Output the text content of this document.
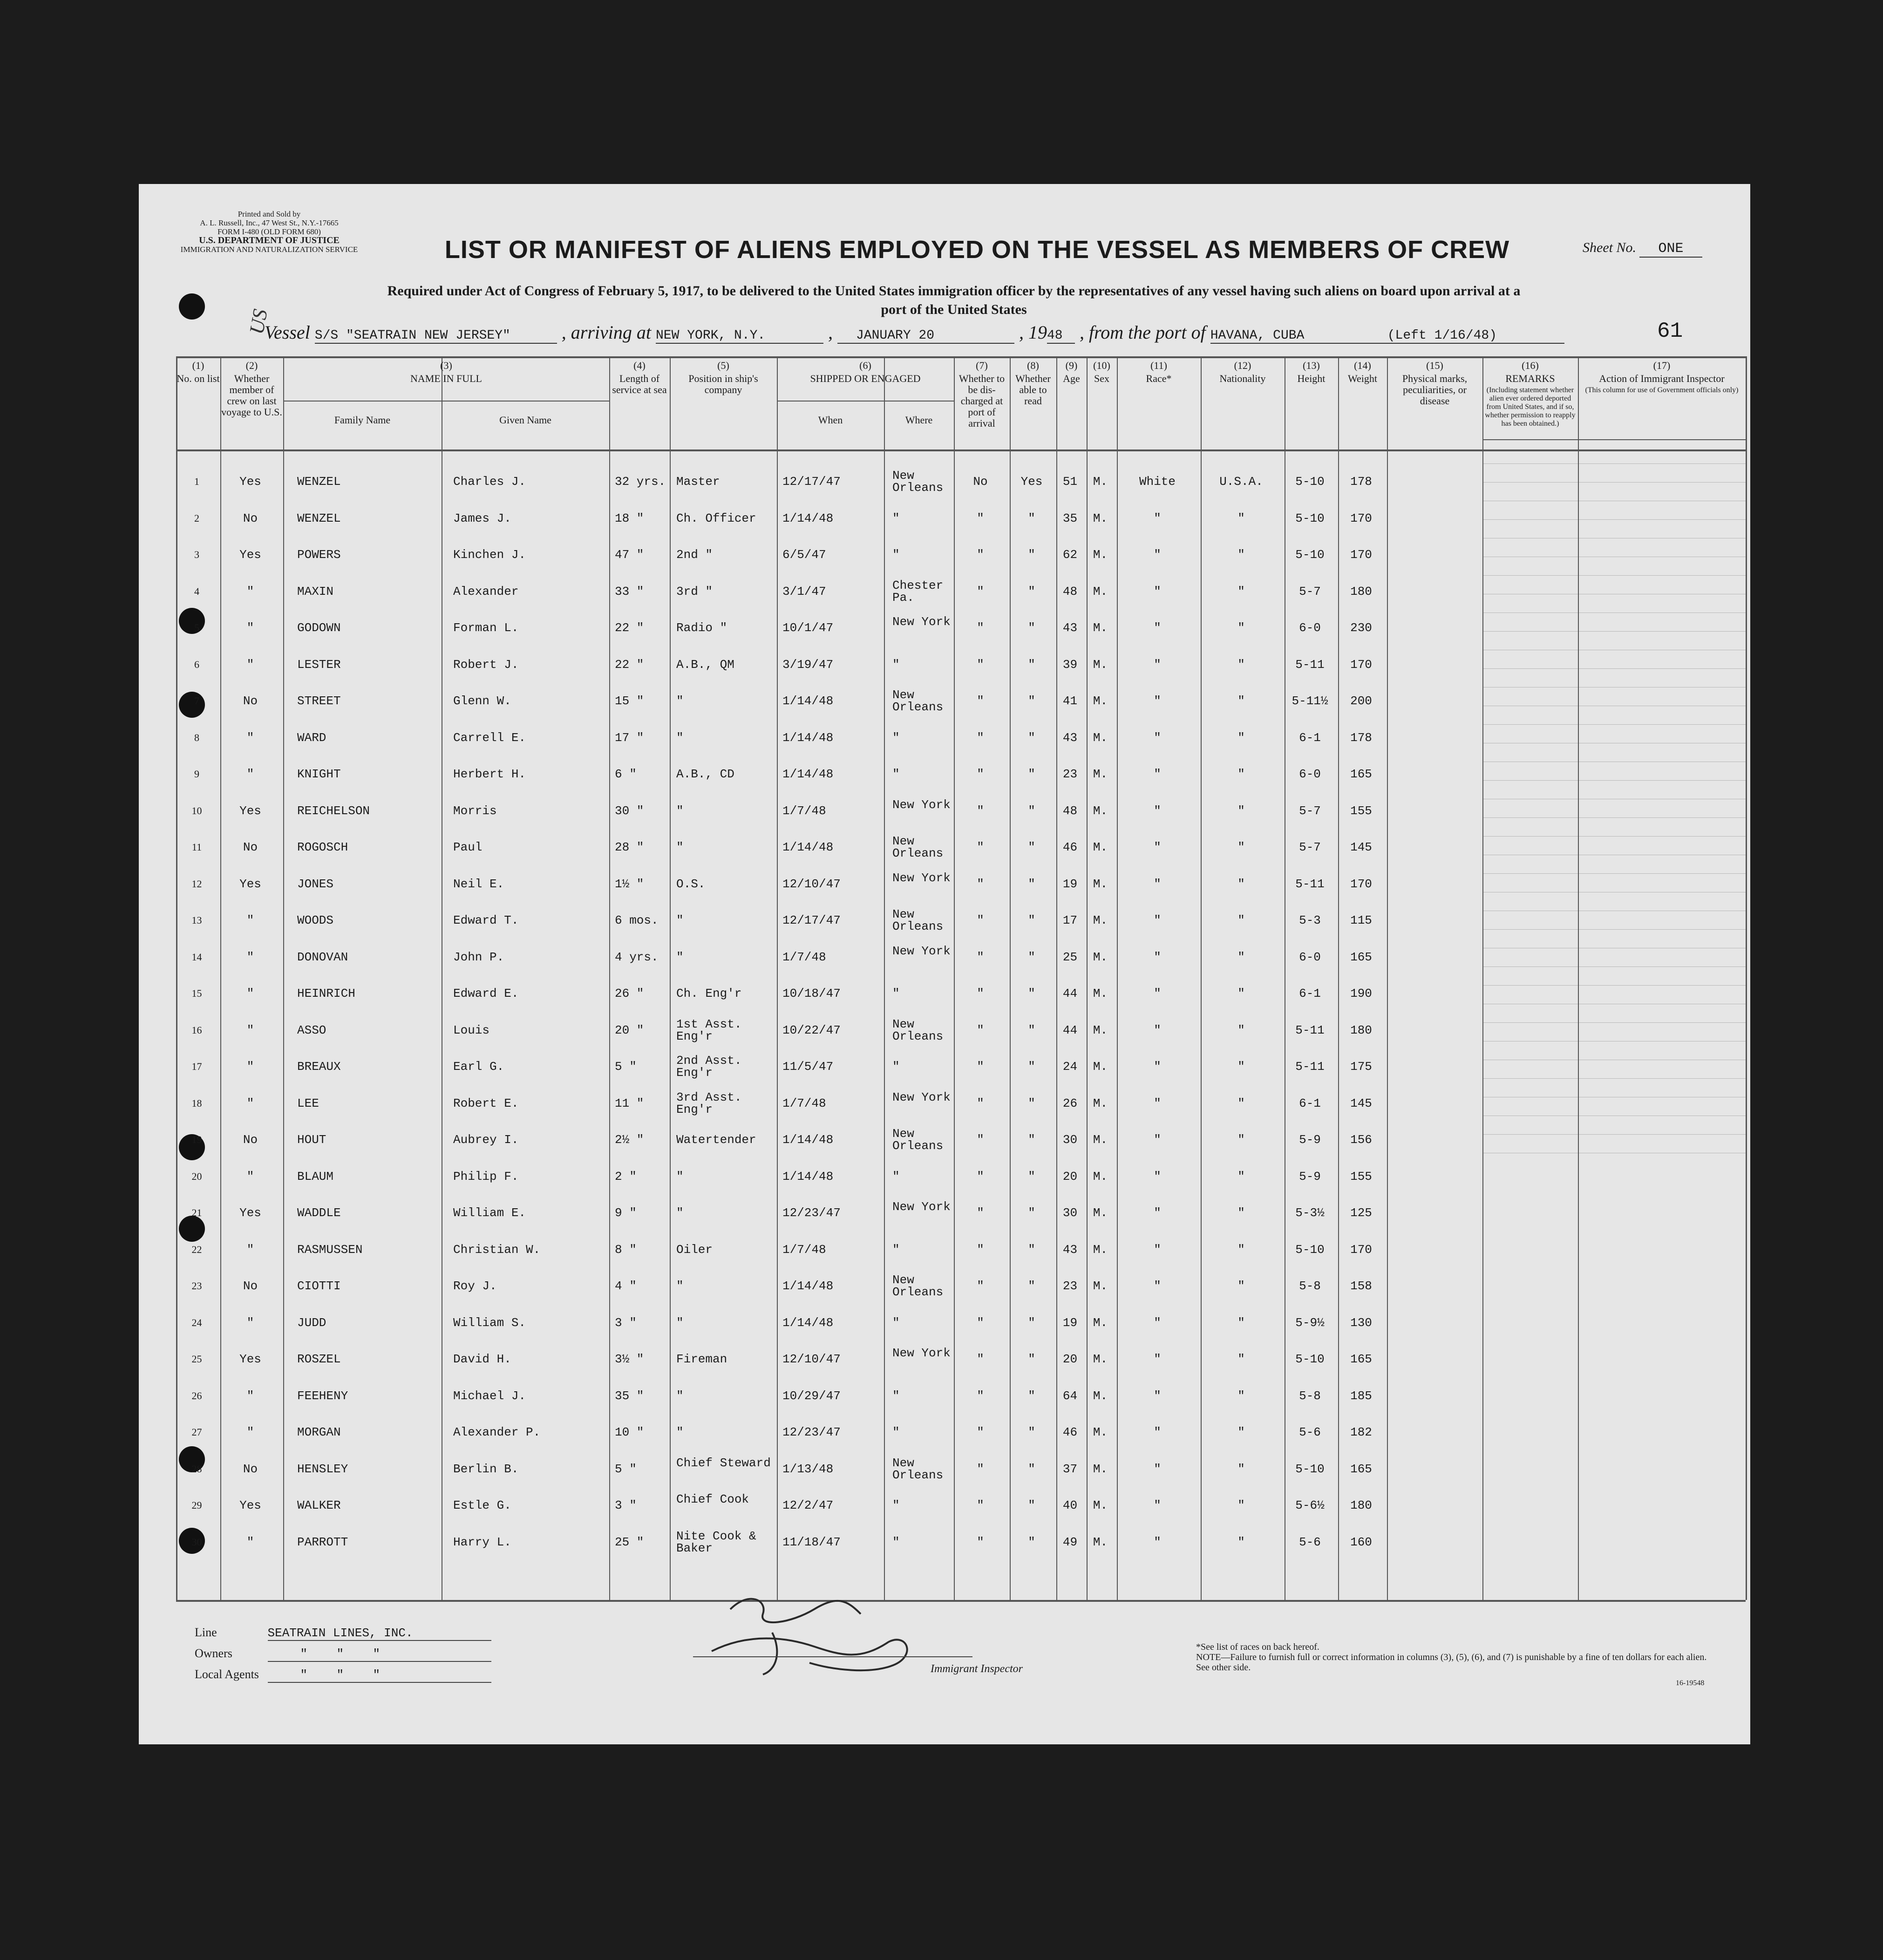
Printed and Sold by
A. L. Russell, Inc., 47 West St., N.Y.-17665
FORM I-480 (OLD FORM 680)
U.S. DEPARTMENT OF JUSTICE
IMMIGRATION AND NATURALIZATION SERVICE	LIST OR MANIFEST OF ALIENS EMPLOYED ON THE VESSEL AS MEMBERS OF CREW	Sheet No. ONE
Required under Act of Congress of February 5, 1917, to be delivered to the United States immigration officer by the representatives of any vessel having such aliens on board upon arrival at a
port of the United States
US
Vessel S/S "SEATRAIN NEW JERSEY"	, arriving at NEW YORK, N.Y.	, JANUARY 20	, 1948 , from the port of HAVANA, CUBA	(Left 1/16/48)	61
(1)
No. on list
(2)
Whether member of crew on last voyage to U.S.
(3)
NAME IN FULL
Family Name	Given Name
(4)
Length of service at sea
(5)
Position in ship's company
(6)
SHIPPED OR ENGAGED
When	Where
(7)
Whether to be dis- charged at port of arrival
(8)
Whether able to read
(9)
Age
(10)
Sex
(11)
Race*
(12)
Nationality
(13)
Height
(14)
Weight
(15)
Physical marks, peculiarities, or disease
(16)
REMARKS
(Including statement whether alien ever ordered deported from United States, and if so, whether permission to reapply has been obtained.)
(17)
Action of Immigrant Inspector
(This column for use of Government officials only)
1	Yes	WENZEL	Charles J.	32 yrs. Master	12/17/47	New Orleans	No	Yes	51	M.	White	U.S.A.	5-10	178
2	No	WENZEL	James J.	18 "	Ch. Officer	1/14/48	"	"	"	35	M.	"	"	5-10	170
3	Yes	POWERS	Kinchen J.	47 "	2nd "	6/5/47	"	"	"	62	M.	"	"	5-10	170
4	"	MAXIN	Alexander	33 "	3rd "	3/1/47	Chester Pa.	"	"	48	M.	"	"	5-7	180
5	"	GODOWN	Forman L.	22 "	Radio "	10/1/47	New York	"	"	43	M.	"	"	6-0	230
6	"	LESTER	Robert J.	22 "	A.B., QM	3/19/47	"	"	"	39	M.	"	"	5-11	170
7	No	STREET	Glenn W.	15 "	"	1/14/48	New Orleans	"	"	41	M.	"	"	5-11½	200
8	"	WARD	Carrell E.	17 "	"	1/14/48	"	"	"	43	M.	"	"	6-1	178
9	"	KNIGHT	Herbert H.	6 "	A.B., CD	1/14/48	"	"	"	23	M.	"	"	6-0	165
10	Yes	REICHELSON	Morris	30 "	"	1/7/48	New York	"	"	48	M.	"	"	5-7	155
11	No	ROGOSCH	Paul	28 "	"	1/14/48	New Orleans	"	"	46	M.	"	"	5-7	145
12	Yes	JONES	Neil E.	1½ "	O.S.	12/10/47	New York	"	"	19	M.	"	"	5-11	170
13	"	WOODS	Edward T.	6 mos.	"	12/17/47	New Orleans	"	"	17	M.	"	"	5-3	115
14	"	DONOVAN	John P.	4 yrs.	"	1/7/48	New York	"	"	25	M.	"	"	6-0	165
15	"	HEINRICH	Edward E.	26 "	Ch. Eng'r	10/18/47	"	"	"	44	M.	"	"	6-1	190
16	"	ASSO	Louis	20 "	1st Asst. Eng'r	10/22/47	New Orleans	"	"	44	M.	"	"	5-11	180
17	"	BREAUX	Earl G.	5 "	2nd Asst. Eng'r	11/5/47	"	"	"	24	M.	"	"	5-11	175
18	"	LEE	Robert E.	11 "	3rd Asst. Eng'r	1/7/48	New York	"	"	26	M.	"	"	6-1	145
19	No	HOUT	Aubrey I.	2½ "	Watertender	1/14/48	New Orleans	"	"	30	M.	"	"	5-9	156
20	"	BLAUM	Philip F.	2 "	"	1/14/48	"	"	"	20	M.	"	"	5-9	155
21	Yes	WADDLE	William E.	9 "	"	12/23/47	New York	"	"	30	M.	"	"	5-3½	125
22	"	RASMUSSEN	Christian W.	8 "	Oiler	1/7/48	"	"	"	43	M.	"	"	5-10	170
23	No	CIOTTI	Roy J.	4 "	"	1/14/48	New Orleans	"	"	23	M.	"	"	5-8	158
24	"	JUDD	William S.	3 "	"	1/14/48	"	"	"	19	M.	"	"	5-9½	130
25	Yes	ROSZEL	David H.	3½ "	Fireman	12/10/47	New York	"	"	20	M.	"	"	5-10	165
26	"	FEEHENY	Michael J.	35 "	"	10/29/47	"	"	"	64	M.	"	"	5-8	185
27	"	MORGAN	Alexander P.	10 "	"	12/23/47	"	"	"	46	M.	"	"	5-6	182
28	No	HENSLEY	Berlin B.	5 "	Chief Steward 1/13/48	New Orleans	"	"	37	M.	"	"	5-10	165
29	Yes	WALKER	Estle G.	3 "	Chief Cook	12/2/47	"	"	"	40	M.	"	"	5-6½	180
30	"	PARROTT	Harry L.	25 "	Nite Cook & Baker	11/18/47	"	"	"	49	M.	"	"	5-6	160
Line	SEATRAIN LINES, INC.
Owners	"    "    "
Local Agents	"    "    "	Immigrant Inspector
*See list of races on back hereof.
NOTE—Failure to furnish full or correct information in columns (3), (5), (6), and (7) is punishable by a fine of ten dollars for each alien. See other side.
16-19548
